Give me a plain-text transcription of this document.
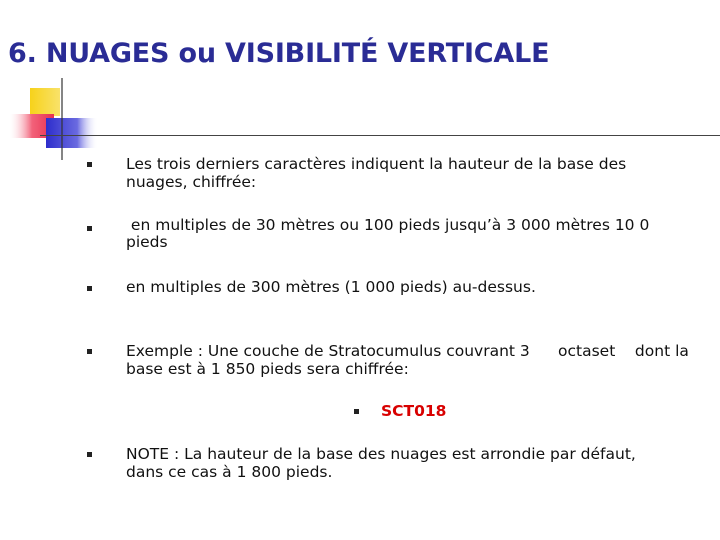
6. NUAGES ou VISIBILITÉ VERTICALE
Les trois derniers caractères indiquent la hauteur de la base des
nuages, chiffrée:
en multiples de 30 mètres ou 100 pieds jusqu’à 3 000 mètres 10 0
pieds
en multiples de 300 mètres (1 000 pieds) au-dessus.
Exemple : Une couche de Stratocumulus couvrant 3 octaset dont la
base est à 1 850 pieds sera chiffrée:
SCT018
NOTE : La hauteur de la base des nuages est arrondie par défaut,
dans ce cas à 1 800 pieds.
